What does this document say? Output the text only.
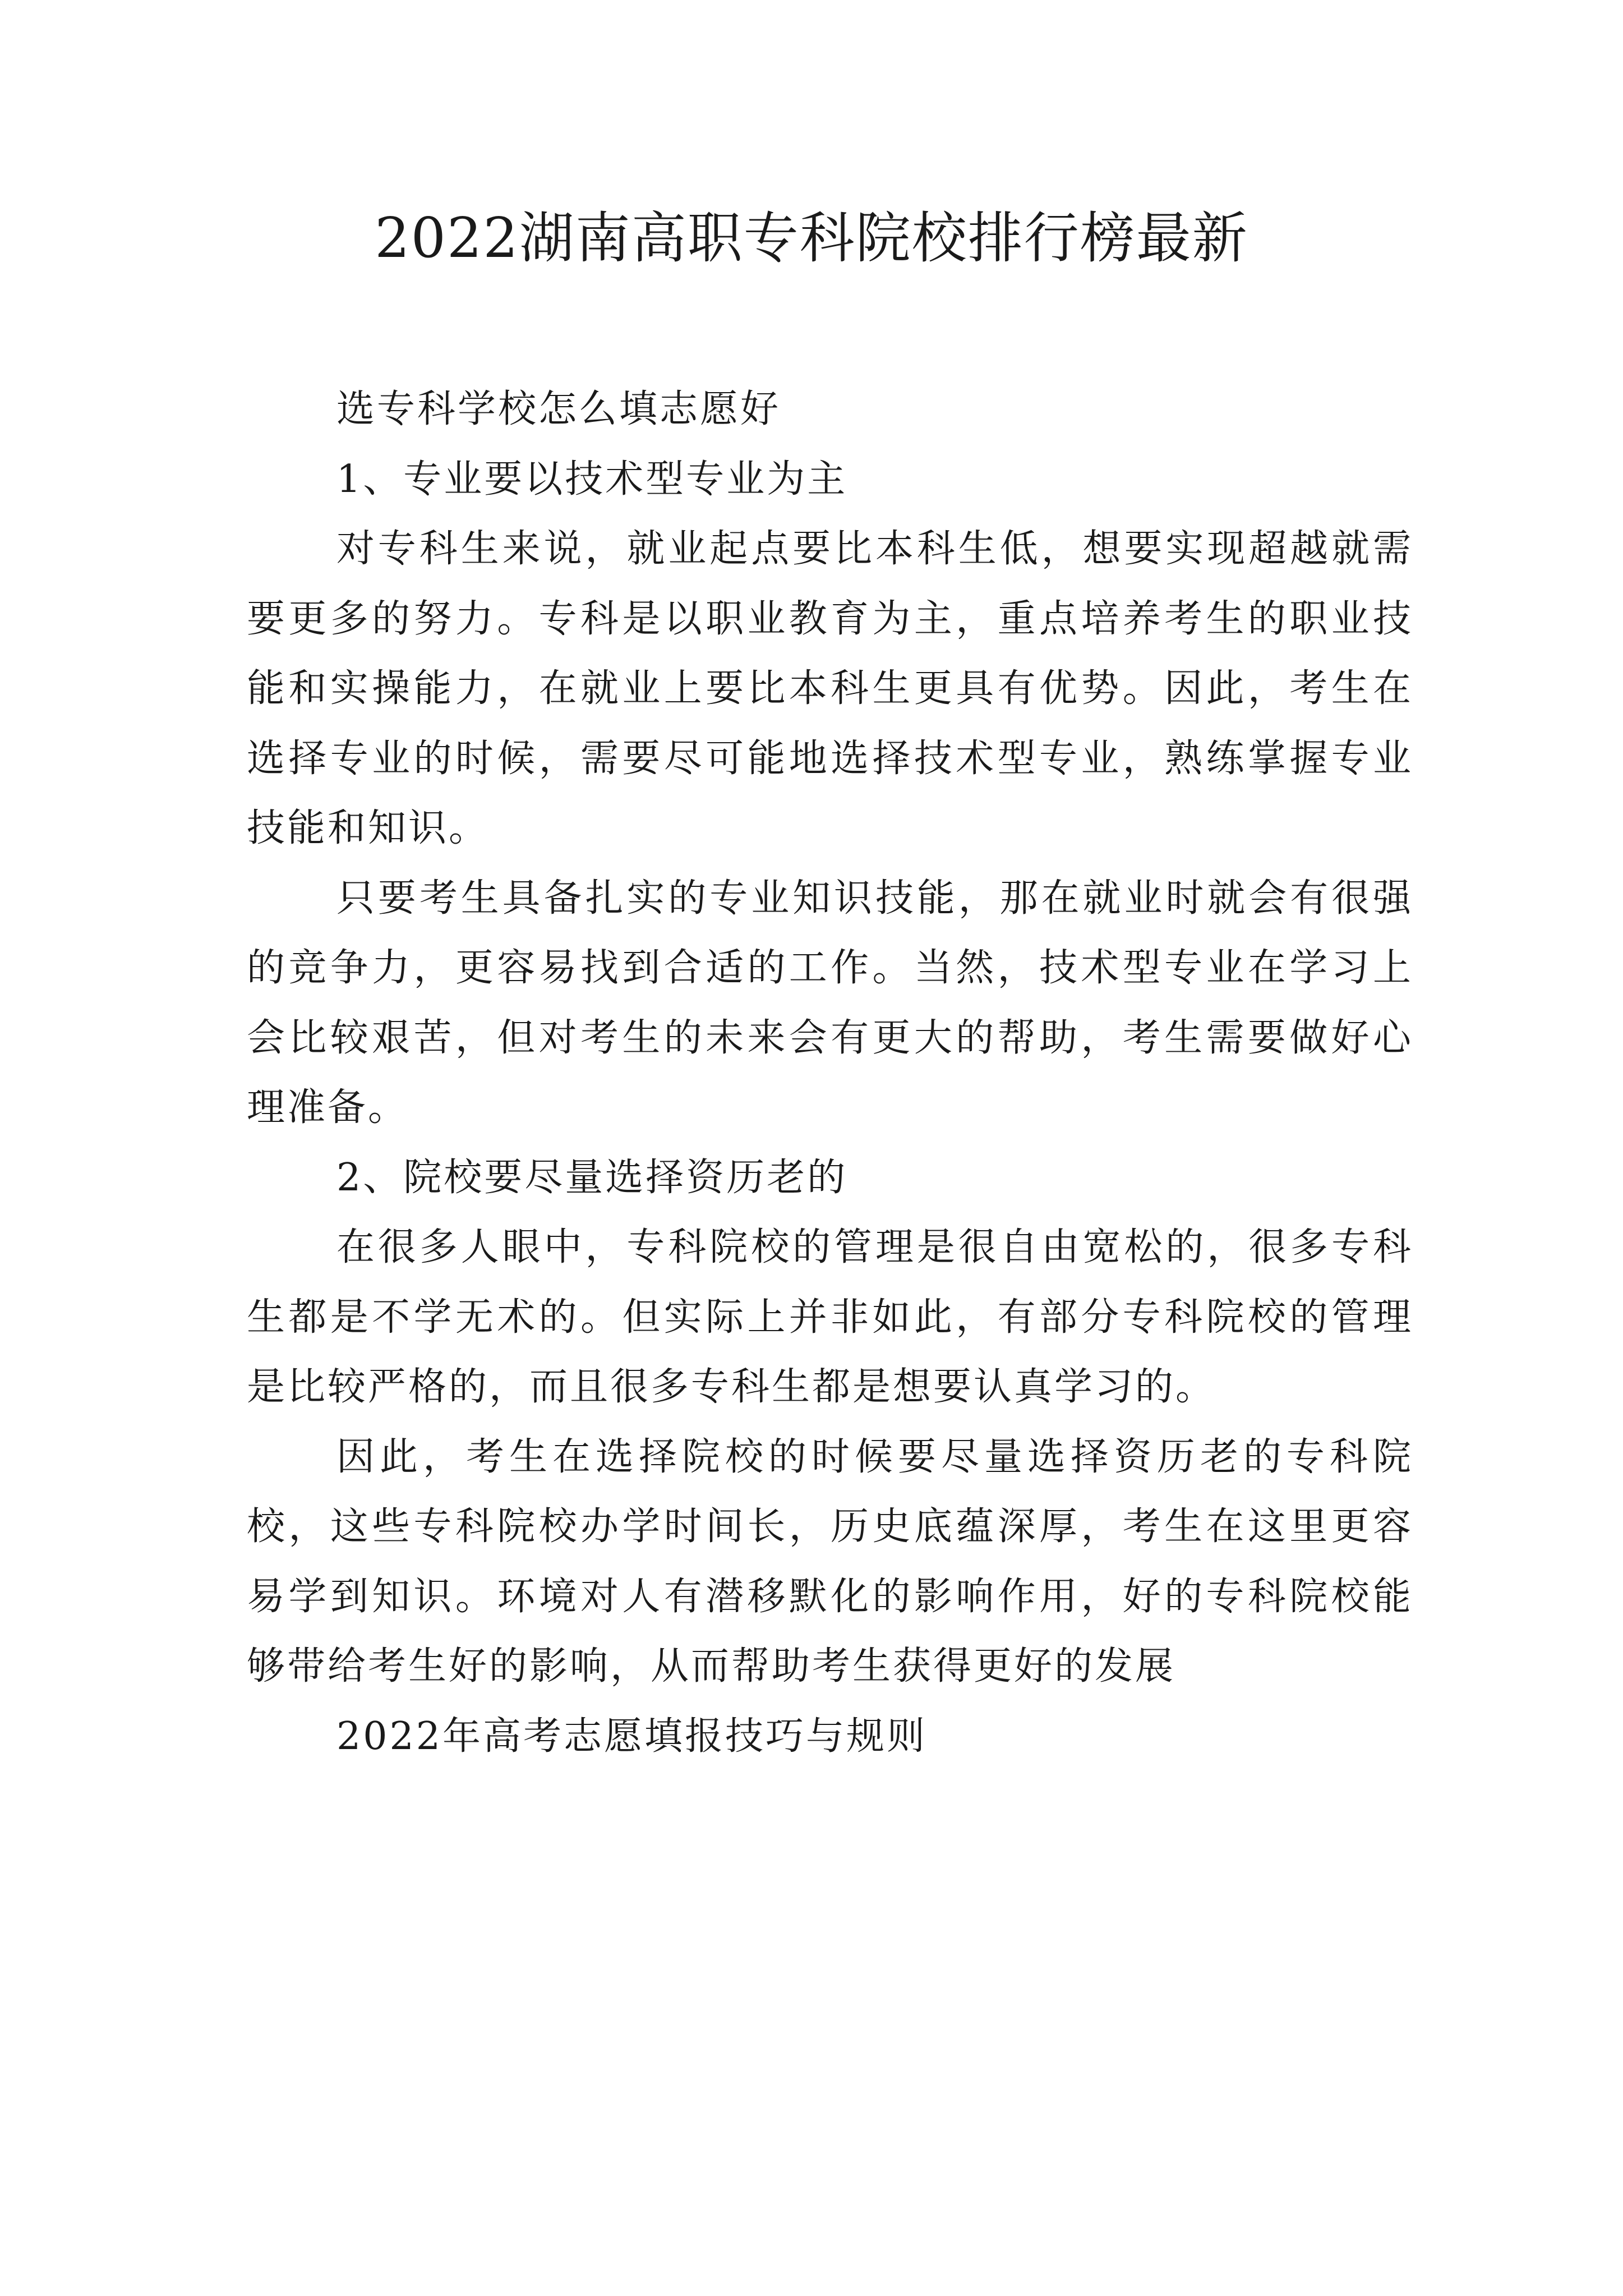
2022湖南高职专科院校排行榜最新

选专科学校怎么填志愿好

1、专业要以技术型专业为主

对专科生来说，就业起点要比本科生低，想要实现超越就需要更多的努力。专科是以职业教育为主，重点培养考生的职业技能和实操能力，在就业上要比本科生更具有优势。因此，考生在选择专业的时候，需要尽可能地选择技术型专业，熟练掌握专业技能和知识。

只要考生具备扎实的专业知识技能，那在就业时就会有很强的竞争力，更容易找到合适的工作。当然，技术型专业在学习上会比较艰苦，但对考生的未来会有更大的帮助，考生需要做好心理准备。

2、院校要尽量选择资历老的

在很多人眼中，专科院校的管理是很自由宽松的，很多专科生都是不学无术的。但实际上并非如此，有部分专科院校的管理是比较严格的，而且很多专科生都是想要认真学习的。

因此，考生在选择院校的时候要尽量选择资历老的专科院校，这些专科院校办学时间长，历史底蕴深厚，考生在这里更容易学到知识。环境对人有潜移默化的影响作用，好的专科院校能够带给考生好的影响，从而帮助考生获得更好的发展

2022年高考志愿填报技巧与规则
